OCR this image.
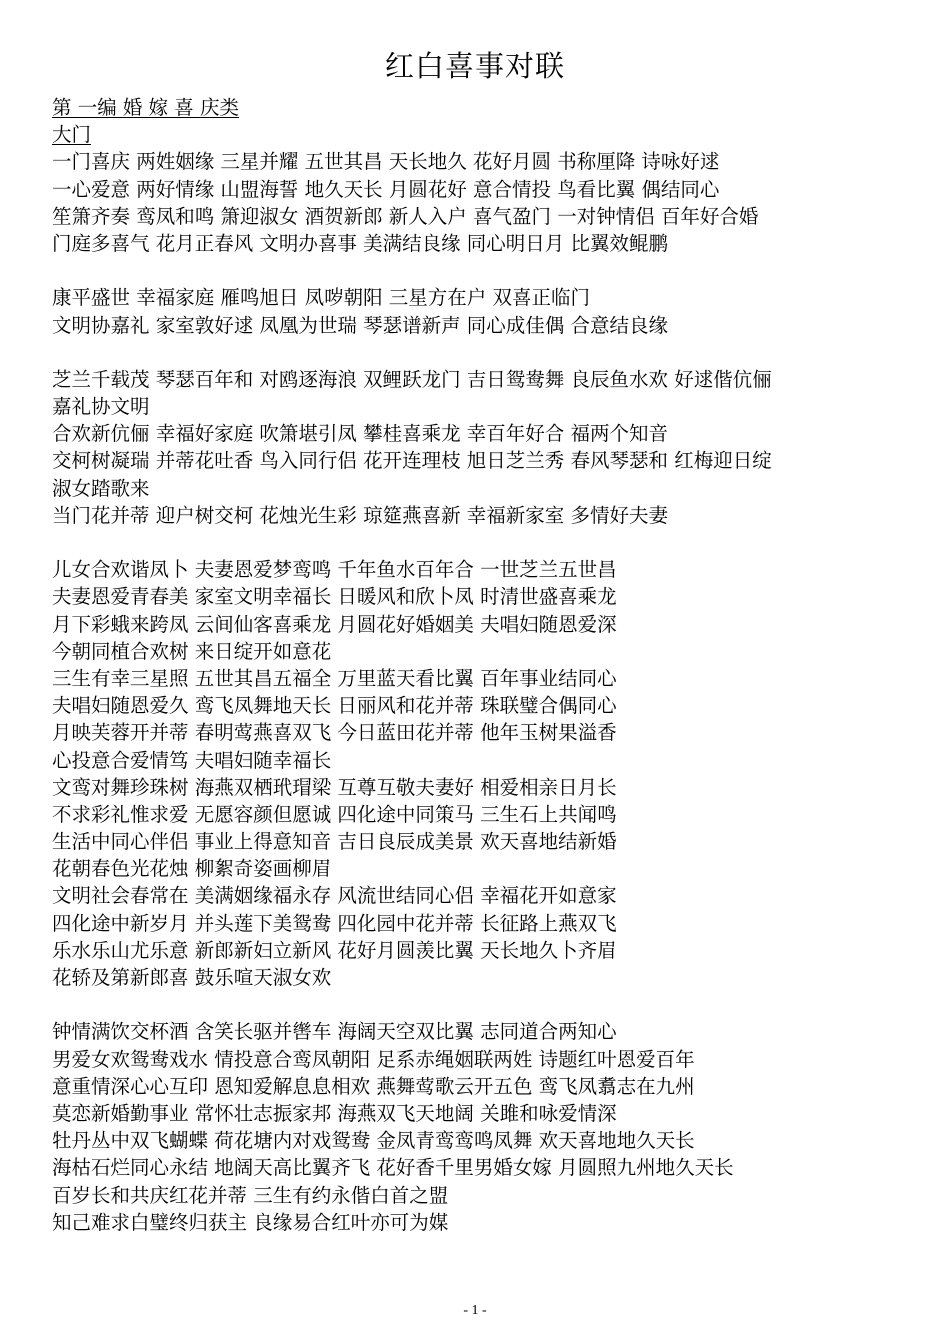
红白喜事对联
第 一编 婚 嫁 喜 庆类
大门
一门喜庆 两姓姻缘 三星并耀 五世其昌 天长地久 花好月圆 书称厘降 诗咏好逑
一心爱意 两好情缘 山盟海誓 地久天长 月圆花好 意合情投 鸟看比翼 偶结同心
笙箫齐奏 鸾凤和鸣 箫迎淑女 酒贺新郎 新人入户 喜气盈门 一对钟情侣 百年好合婚
门庭多喜气 花月正春风 文明办喜事 美满结良缘 同心明日月 比翼效鲲鹏
康平盛世 幸福家庭 雁鸣旭日 凤哕朝阳 三星方在户 双喜正临门
文明协嘉礼 家室敦好逑 凤凰为世瑞 琴瑟谱新声 同心成佳偶 合意结良缘
芝兰千载茂 琴瑟百年和 对鸥逐海浪 双鲤跃龙门 吉日鸳鸯舞 良辰鱼水欢 好逑偕伉俪
嘉礼协文明
合欢新伉俪 幸福好家庭 吹箫堪引凤 攀桂喜乘龙 幸百年好合 福两个知音
交柯树凝瑞 并蒂花吐香 鸟入同行侣 花开连理枝 旭日芝兰秀 春风琴瑟和 红梅迎日绽
淑女踏歌来
当门花并蒂 迎户树交柯 花烛光生彩 琼筵燕喜新 幸福新家室 多情好夫妻
儿女合欢谐凤卜 夫妻恩爱梦鸾鸣 千年鱼水百年合 一世芝兰五世昌
夫妻恩爱青春美 家室文明幸福长 日暖风和欣卜凤 时清世盛喜乘龙
月下彩蛾来跨凤 云间仙客喜乘龙 月圆花好婚姻美 夫唱妇随恩爱深
今朝同植合欢树 来日绽开如意花
三生有幸三星照 五世其昌五福全 万里蓝天看比翼 百年事业结同心
夫唱妇随恩爱久 鸾飞凤舞地天长 日丽风和花并蒂 珠联璧合偶同心
月映芙蓉开并蒂 春明莺燕喜双飞 今日蓝田花并蒂 他年玉树果溢香
心投意合爱情笃 夫唱妇随幸福长
文鸾对舞珍珠树 海燕双栖玳瑁梁 互尊互敬夫妻好 相爱相亲日月长
不求彩礼惟求爱 无愿容颜但愿诚 四化途中同策马 三生石上共闻鸣
生活中同心伴侣 事业上得意知音 吉日良辰成美景 欢天喜地结新婚
花朝春色光花烛 柳絮奇姿画柳眉
文明社会春常在 美满姻缘福永存 风流世结同心侣 幸福花开如意家
四化途中新岁月 并头莲下美鸳鸯 四化园中花并蒂 长征路上燕双飞
乐水乐山尤乐意 新郎新妇立新风 花好月圆羡比翼 天长地久卜齐眉
花轿及第新郎喜 鼓乐喧天淑女欢
钟情满饮交杯酒 含笑长驱并辔车 海阔天空双比翼 志同道合两知心
男爱女欢鸳鸯戏水 情投意合鸾凤朝阳 足系赤绳姻联两姓 诗题红叶恩爱百年
意重情深心心互印 恩知爱解息息相欢 燕舞莺歌云开五色 鸾飞凤翥志在九州
莫恋新婚勤事业 常怀壮志振家邦 海燕双飞天地阔 关雎和咏爱情深
牡丹丛中双飞蝴蝶 荷花塘内对戏鸳鸯 金凤青鸾鸾鸣凤舞 欢天喜地地久天长
海枯石烂同心永结 地阔天高比翼齐飞 花好香千里男婚女嫁 月圆照九州地久天长
百岁长和共庆红花并蒂 三生有约永偕白首之盟
知己难求白璧终归获主 良缘易合红叶亦可为媒
- 1 -
